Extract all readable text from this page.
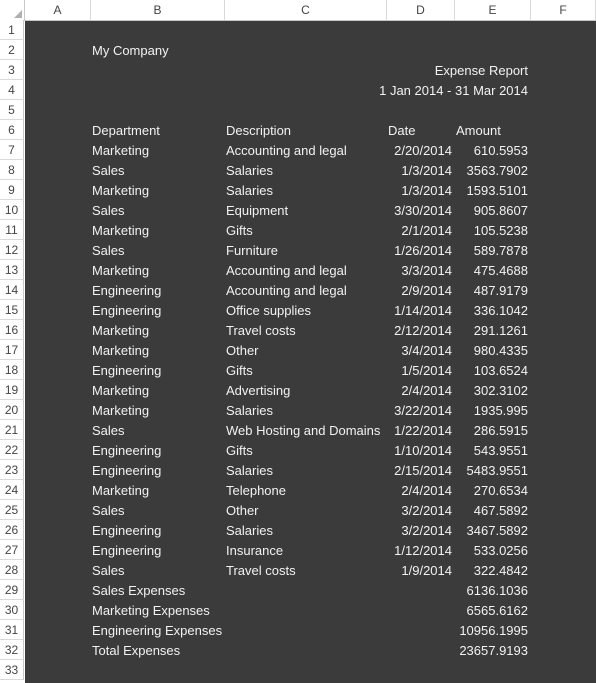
A	B	C	D	E	F
1
2
3
4
5
6
7
8
9
10
11
12
13
14
15
16
17
18
19
20
21
22
23
24
25
26
27
28
29
30
31
32
33
My Company
Expense Report
1 Jan 2014 - 31 Mar 2014
Department	Description	Date	Amount
Marketing	Accounting and legal	2/20/2014 610.5953
Sales	Salaries	1/3/2014 3563.7902
Marketing	Salaries	1/3/2014 1593.5101
Sales	Equipment	3/30/2014 905.8607
Marketing	Gifts	2/1/2014 105.5238
Sales	Furniture	1/26/2014 589.7878
Marketing	Accounting and legal	3/3/2014 475.4688
Engineering	Accounting and legal	2/9/2014 487.9179
Engineering	Office supplies	1/14/2014 336.1042
Marketing	Travel costs	2/12/2014 291.1261
Marketing	Other	3/4/2014 980.4335
Engineering	Gifts	1/5/2014 103.6524
Marketing	Advertising	2/4/2014 302.3102
Marketing	Salaries	3/22/2014 1935.995
Sales	Web Hosting and Domains 1/22/2014 286.5915
Engineering	Gifts	1/10/2014 543.9551
Engineering	Salaries	2/15/2014 5483.9551
Marketing	Telephone	2/4/2014 270.6534
Sales	Other	3/2/2014 467.5892
Engineering	Salaries	3/2/2014 3467.5892
Engineering	Insurance	1/12/2014 533.0256
Sales	Travel costs	1/9/2014 322.4842
Sales Expenses	6136.1036
Marketing Expenses	6565.6162
Engineering Expenses	10956.1995
Total Expenses	23657.9193
